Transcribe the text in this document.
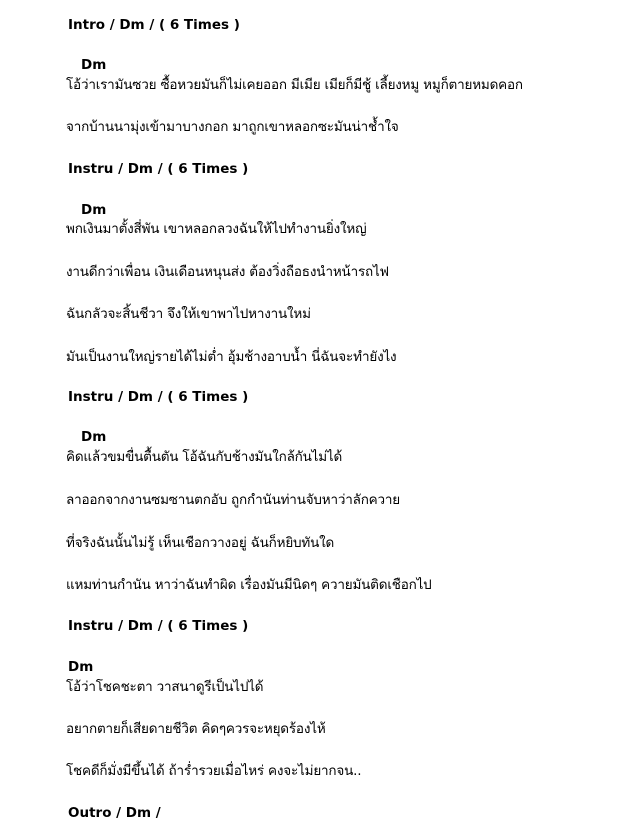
Intro / Dm / ( 6 Times )
Dm
โอ้ว่าเรามันซวย ซื้อหวยมันก็ไม่เคยออก มีเมีย เมียก็มีชู้ เลี้ยงหมู หมูก็ตายหมดคอก
จากบ้านนามุ่งเข้ามาบางกอก มาถูกเขาหลอกซะมันน่าช้ำใจ
Instru / Dm / ( 6 Times )
Dm
พกเงินมาตั้งสี่พัน เขาหลอกลวงฉันให้ไปทำงานยิ่งใหญ่
งานดีกว่าเพื่อน เงินเดือนหนุนส่ง ต้องวิ่งถือธงนำหน้ารถไฟ
ฉันกลัวจะสิ้นชีวา จึงให้เขาพาไปหางานใหม่
มันเป็นงานใหญ่รายได้ไม่ต่ำ อุ้มช้างอาบน้ำ นี่ฉันจะทำยังไง
Instru / Dm / ( 6 Times )
Dm
คิดแล้วขมขื่นตื้นตัน โอ้ฉันกับช้างมันใกล้กันไม่ได้
ลาออกจากงานซมซานตกอับ ถูกกำนันท่านจับหาว่าลักควาย
ที่จริงฉันนั้นไม่รู้ เห็นเชือกวางอยู่ ฉันก็หยิบทันใด
แหมท่านกำนัน หาว่าฉันทำผิด เรื่องมันมีนิดๆ ควายมันติดเชือกไป
Instru / Dm / ( 6 Times )
Dm
โอ้ว่าโชคชะตา วาสนาดูรีเป็นไปได้
อยากตายก็เสียดายชีวิต คิดๆควรจะหยุดร้องไห้
โชคดีก็มั่งมีขึ้นได้ ถ้าร่ำรวยเมื่อไหร่ คงจะไม่ยากจน..
Outro / Dm /
